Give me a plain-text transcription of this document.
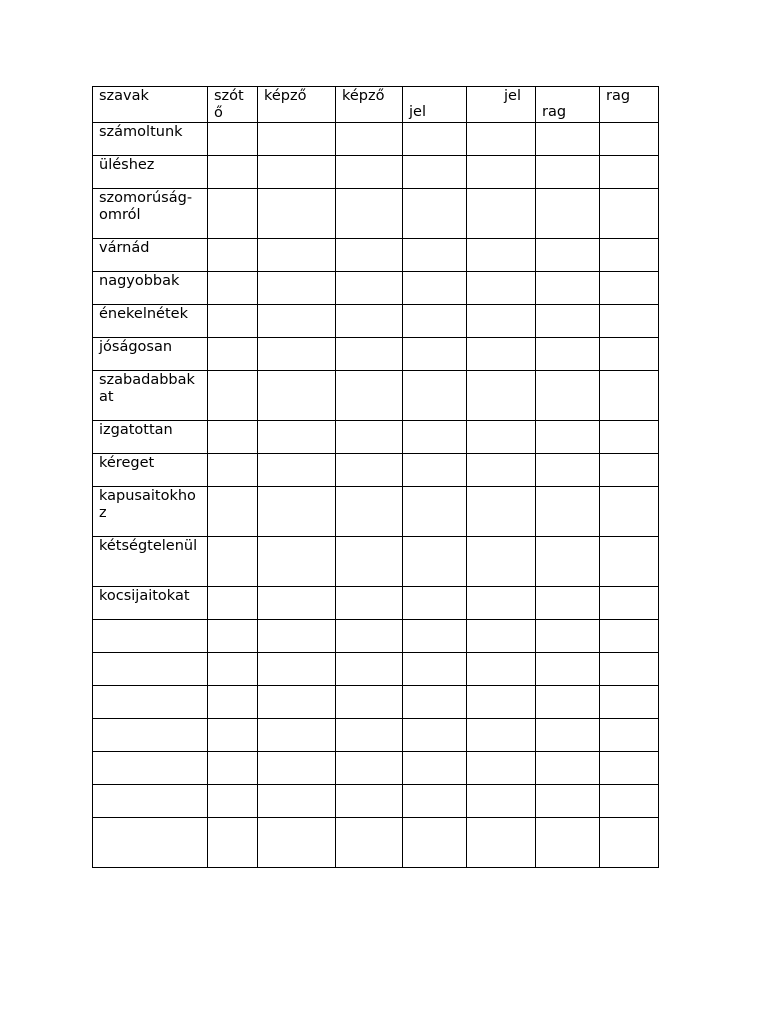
szavak	szótő	képző	képző	jel	jel	rag	rag
számoltunk							
üléshez							
szomorúság-omról							
várnád							
nagyobbak							
énekelnétek							
jóságosan							
szabadabbakat							
izgatottan							
kéreget							
kapusaitokhoz							
kétségtelenül							
kocsijaitokat							
